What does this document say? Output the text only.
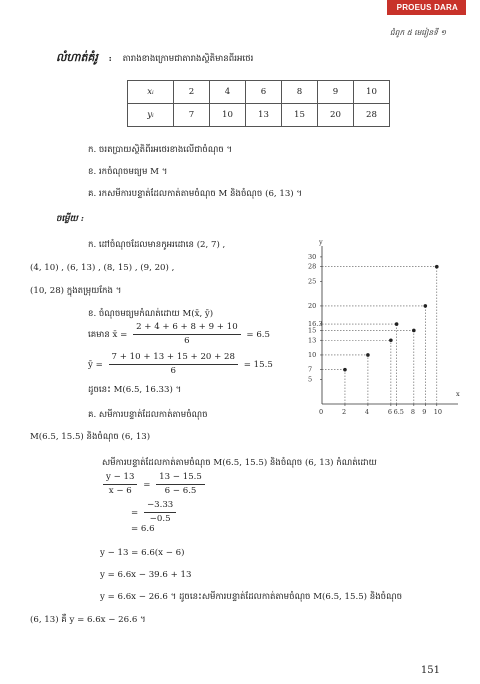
PROEUS DARA
ជំពូក ៥ មេរៀនទី ១
លំហាត់គំរូ : តារាងខាងក្រោមជាតារាងស្ថិតិមានពីរអថេរ
xᵢ	2	4	6	8	9	10
yᵢ	7	10	13	15	20	28
ក. ចរតប្រាយស្ថិតិពីរអថេរខាងលើជាចំណុច ។
ខ. រកចំណុចមធ្យម M ។
គ. រកសមីការបន្ទាត់ដែលកាត់តាមចំណុច M និងចំណុច (6, 13) ។
ចម្លើយ :
ក. ដៅចំណុចដែលមានកូអរដោនេ (2, 7) ,
(4, 10) , (6, 13) , (8, 15) , (9, 20) ,
(10, 28) ក្នុងតម្រុយកែង ។
ខ. ចំណុចមធ្យមកំណត់ដោយ M(x̄, ȳ)
គេមាន x̄ = $\frac{2 + 4 + 6 + 8 + 9 + 10}{6} = 6.5$
ȳ = $\frac{7 + 10 + 13 + 15 + 20 + 28}{6} = 15.5$
ដូចនេះ M(6.5, 16.33) ។
គ. សមីការបន្ទាត់ដែលកាត់តាមចំណុច
M(6.5, 15.5) និងចំណុច (6, 13)
សមីការបន្ទាត់ដែលកាត់តាមចំណុច M(6.5, 15.5) និងចំណុច (6, 13) កំណត់ដោយ
$\frac{y - 13}{x - 6} = \frac{13 - 15.5}{6 - 6.5}$
= $\frac{-3.33}{-0.5}$
= 6.6
y − 13 = 6.6(x − 6)
y = 6.6x − 39.6 + 13
y = 6.6x − 26.6 ។ ដូចនេះសមីការបន្ទាត់ដែលកាត់តាមចំណុច M(6.5, 15.5) និងចំណុច
(6, 13) គឺ y = 6.6x − 26.6 ។
151
y
x
0	2	4	6 6.5 8 9 10
5
7
10
13
15
16.3
20
25
28
30
